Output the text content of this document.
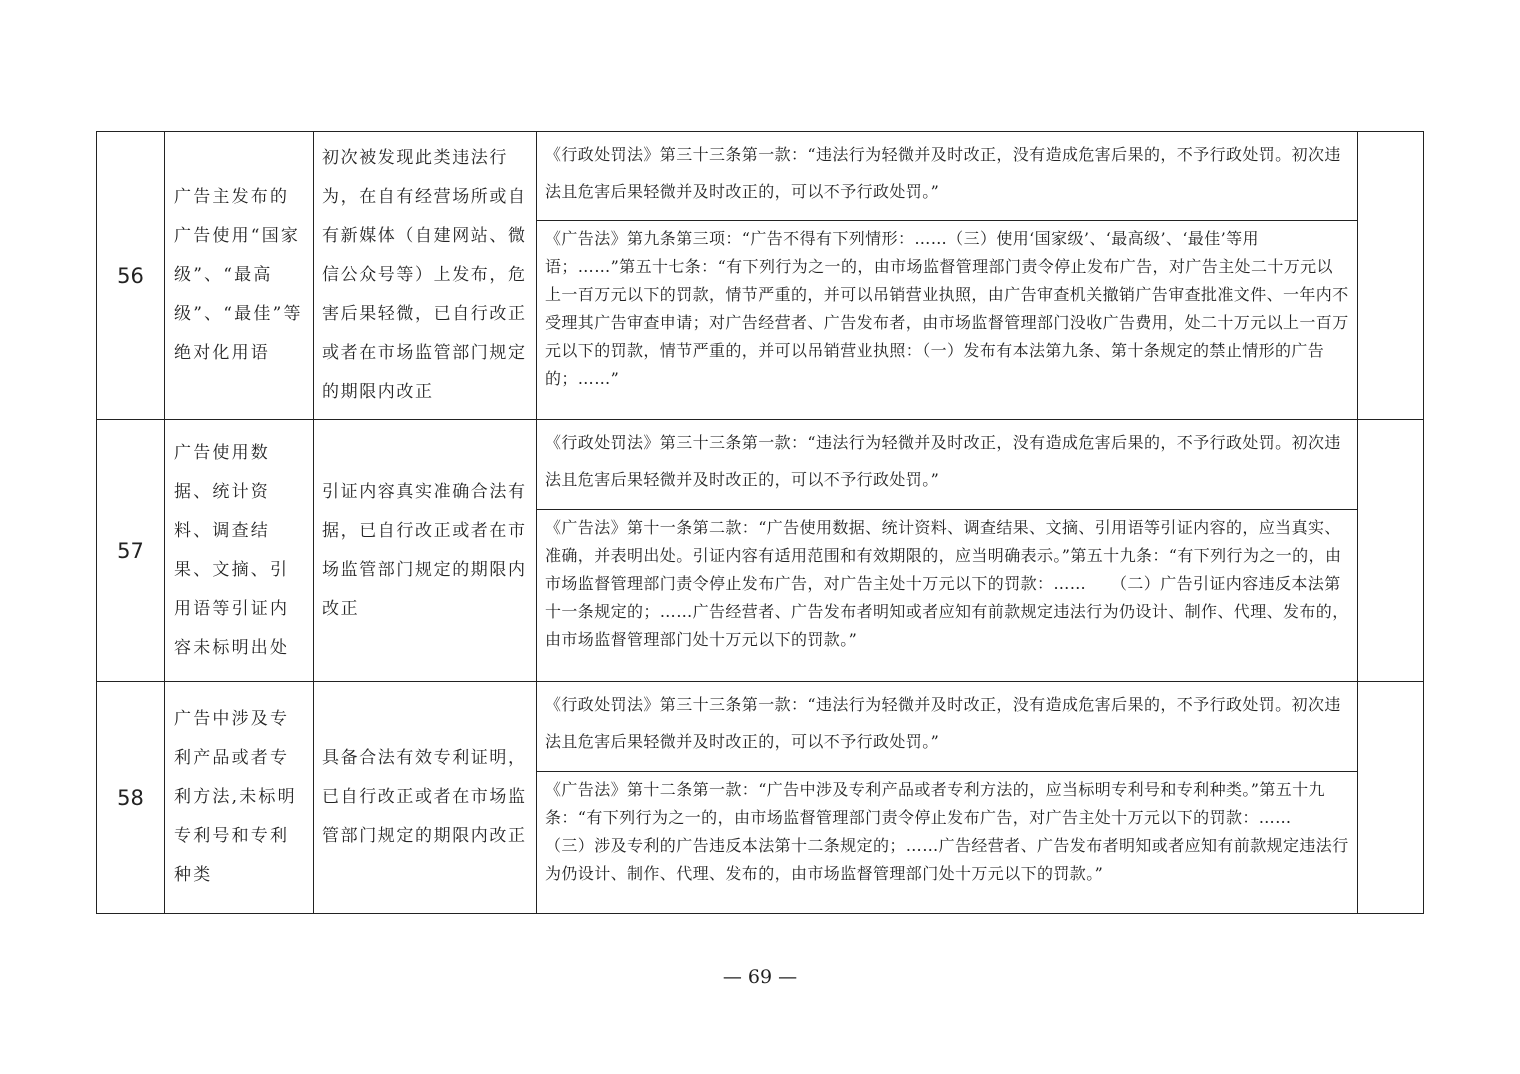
56	广告主发布的广告使用“国家级”、“最高级”、“最佳”等绝对化用语	初次被发现此类违法行为，在自有经营场所或自有新媒体（自建网站、微信公众号等）上发布，危害后果轻微，已自行改正或者在市场监管部门规定的期限内改正	《行政处罚法》第三十三条第一款：“违法行为轻微并及时改正，没有造成危害后果的，不予行政处罚。初次违法且危害后果轻微并及时改正的，可以不予行政处罚。”	
			《广告法》第九条第三项：“广告不得有下列情形：……（三）使用‘国家级’、‘最高级’、‘最佳’等用语；……”第五十七条：“有下列行为之一的，由市场监督管理部门责令停止发布广告，对广告主处二十万元以上一百万元以下的罚款，情节严重的，并可以吊销营业执照，由广告审查机关撤销广告审查批准文件、一年内不受理其广告审查申请；对广告经营者、广告发布者，由市场监督管理部门没收广告费用，处二十万元以上一百万元以下的罚款，情节严重的，并可以吊销营业执照：（一）发布有本法第九条、第十条规定的禁止情形的广告的；……”	
57	广告使用数据、统计资料、调查结果、文摘、引用语等引证内容未标明出处	引证内容真实准确合法有据，已自行改正或者在市场监管部门规定的期限内改正	《行政处罚法》第三十三条第一款：“违法行为轻微并及时改正，没有造成危害后果的，不予行政处罚。初次违法且危害后果轻微并及时改正的，可以不予行政处罚。”	
			《广告法》第十一条第二款：“广告使用数据、统计资料、调查结果、文摘、引用语等引证内容的，应当真实、准确，并表明出处。引证内容有适用范围和有效期限的，应当明确表示。”第五十九条：“有下列行为之一的，由市场监督管理部门责令停止发布广告，对广告主处十万元以下的罚款：……　　（二）广告引证内容违反本法第十一条规定的；……广告经营者、广告发布者明知或者应知有前款规定违法行为仍设计、制作、代理、发布的，由市场监督管理部门处十万元以下的罚款。”	
58	广告中涉及专利产品或者专利方法,未标明专利号和专利种类	具备合法有效专利证明，已自行改正或者在市场监管部门规定的期限内改正	《行政处罚法》第三十三条第一款：“违法行为轻微并及时改正，没有造成危害后果的，不予行政处罚。初次违法且危害后果轻微并及时改正的，可以不予行政处罚。”	
			《广告法》第十二条第一款：“广告中涉及专利产品或者专利方法的，应当标明专利号和专利种类。”第五十九条：“有下列行为之一的，由市场监督管理部门责令停止发布广告，对广告主处十万元以下的罚款：……　　（三）涉及专利的广告违反本法第十二条规定的；……广告经营者、广告发布者明知或者应知有前款规定违法行为仍设计、制作、代理、发布的，由市场监督管理部门处十万元以下的罚款。”	
— 69 —
